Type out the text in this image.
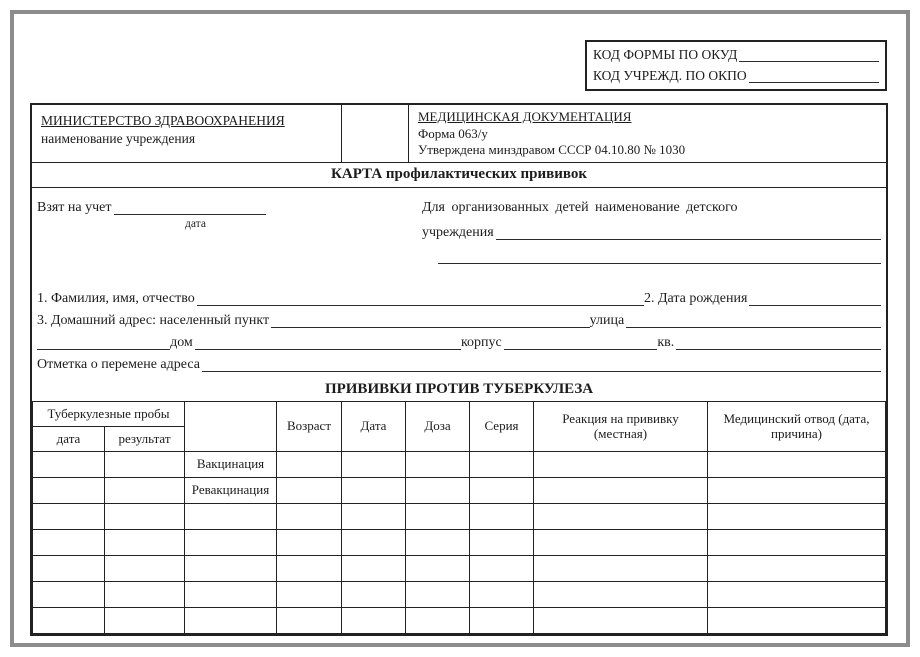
КОД ФОРМЫ ПО ОКУД
КОД УЧРЕЖД. ПО ОКПО
МИНИСТЕРСТВО ЗДРАВООХРАНЕНИЯ
наименование учреждения
МЕДИЦИНСКАЯ ДОКУМЕНТАЦИЯ
Форма 063/у
Утверждена минздравом СССР 04.10.80 № 1030
КАРТА профилактических прививок
Взят на учет
дата
Для организованных детей наименование детского
учреждения
1. Фамилия, имя, отчество	2. Дата рождения
3. Домашний адрес: населенный пункт	улица
дом	корпус	кв.
Отметка о перемене адреса
ПРИВИВКИ ПРОТИВ ТУБЕРКУЛЕЗА
Туберкулезные пробы			Возраст	Дата	Доза	Серия	Реакция на прививку (местная)	Медицинский отвод (дата, причина)
дата	результат							
		Вакцинация						
		Ревакцинация						
